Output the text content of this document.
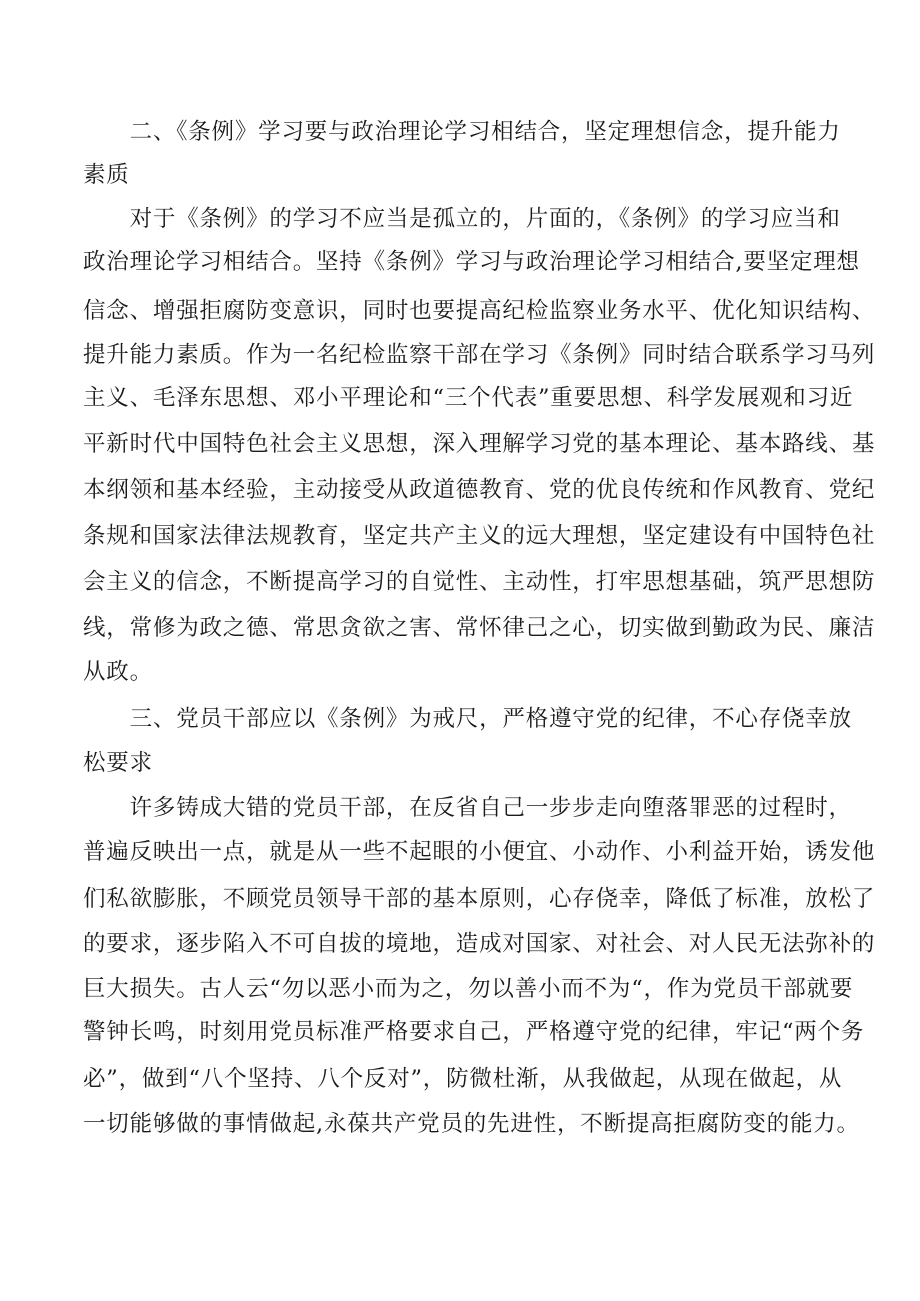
　　二、《条例》学习要与政治理论学习相结合，坚定理想信念，提升能力
素质
　　对于《条例》的学习不应当是孤立的，片面的，《条例》的学习应当和
政治理论学习相结合。坚持《条例》学习与政治理论学习相结合,要坚定理想
信念、增强拒腐防变意识，同时也要提高纪检监察业务水平、优化知识结构、
提升能力素质。作为一名纪检监察干部在学习《条例》同时结合联系学习马列
主义、毛泽东思想、邓小平理论和“三个代表”重要思想、科学发展观和习近
平新时代中国特色社会主义思想，深入理解学习党的基本理论、基本路线、基
本纲领和基本经验，主动接受从政道德教育、党的优良传统和作风教育、党纪
条规和国家法律法规教育，坚定共产主义的远大理想，坚定建设有中国特色社
会主义的信念，不断提高学习的自觉性、主动性，打牢思想基础，筑严思想防
线，常修为政之德、常思贪欲之害、常怀律己之心，切实做到勤政为民、廉洁
从政。
　　三、党员干部应以《条例》为戒尺，严格遵守党的纪律，不心存侥幸放
松要求
　　许多铸成大错的党员干部，在反省自己一步步走向堕落罪恶的过程时，
普遍反映出一点，就是从一些不起眼的小便宜、小动作、小利益开始，诱发他
们私欲膨胀，不顾党员领导干部的基本原则，心存侥幸，降低了标准，放松了
的要求，逐步陷入不可自拔的境地，造成对国家、对社会、对人民无法弥补的
巨大损失。古人云“勿以恶小而为之，勿以善小而不为“，作为党员干部就要
警钟长鸣，时刻用党员标准严格要求自己，严格遵守党的纪律，牢记“两个务
必”，做到“八个坚持、八个反对”，防微杜渐，从我做起，从现在做起，从
一切能够做的事情做起,永葆共产党员的先进性，不断提高拒腐防变的能力。
